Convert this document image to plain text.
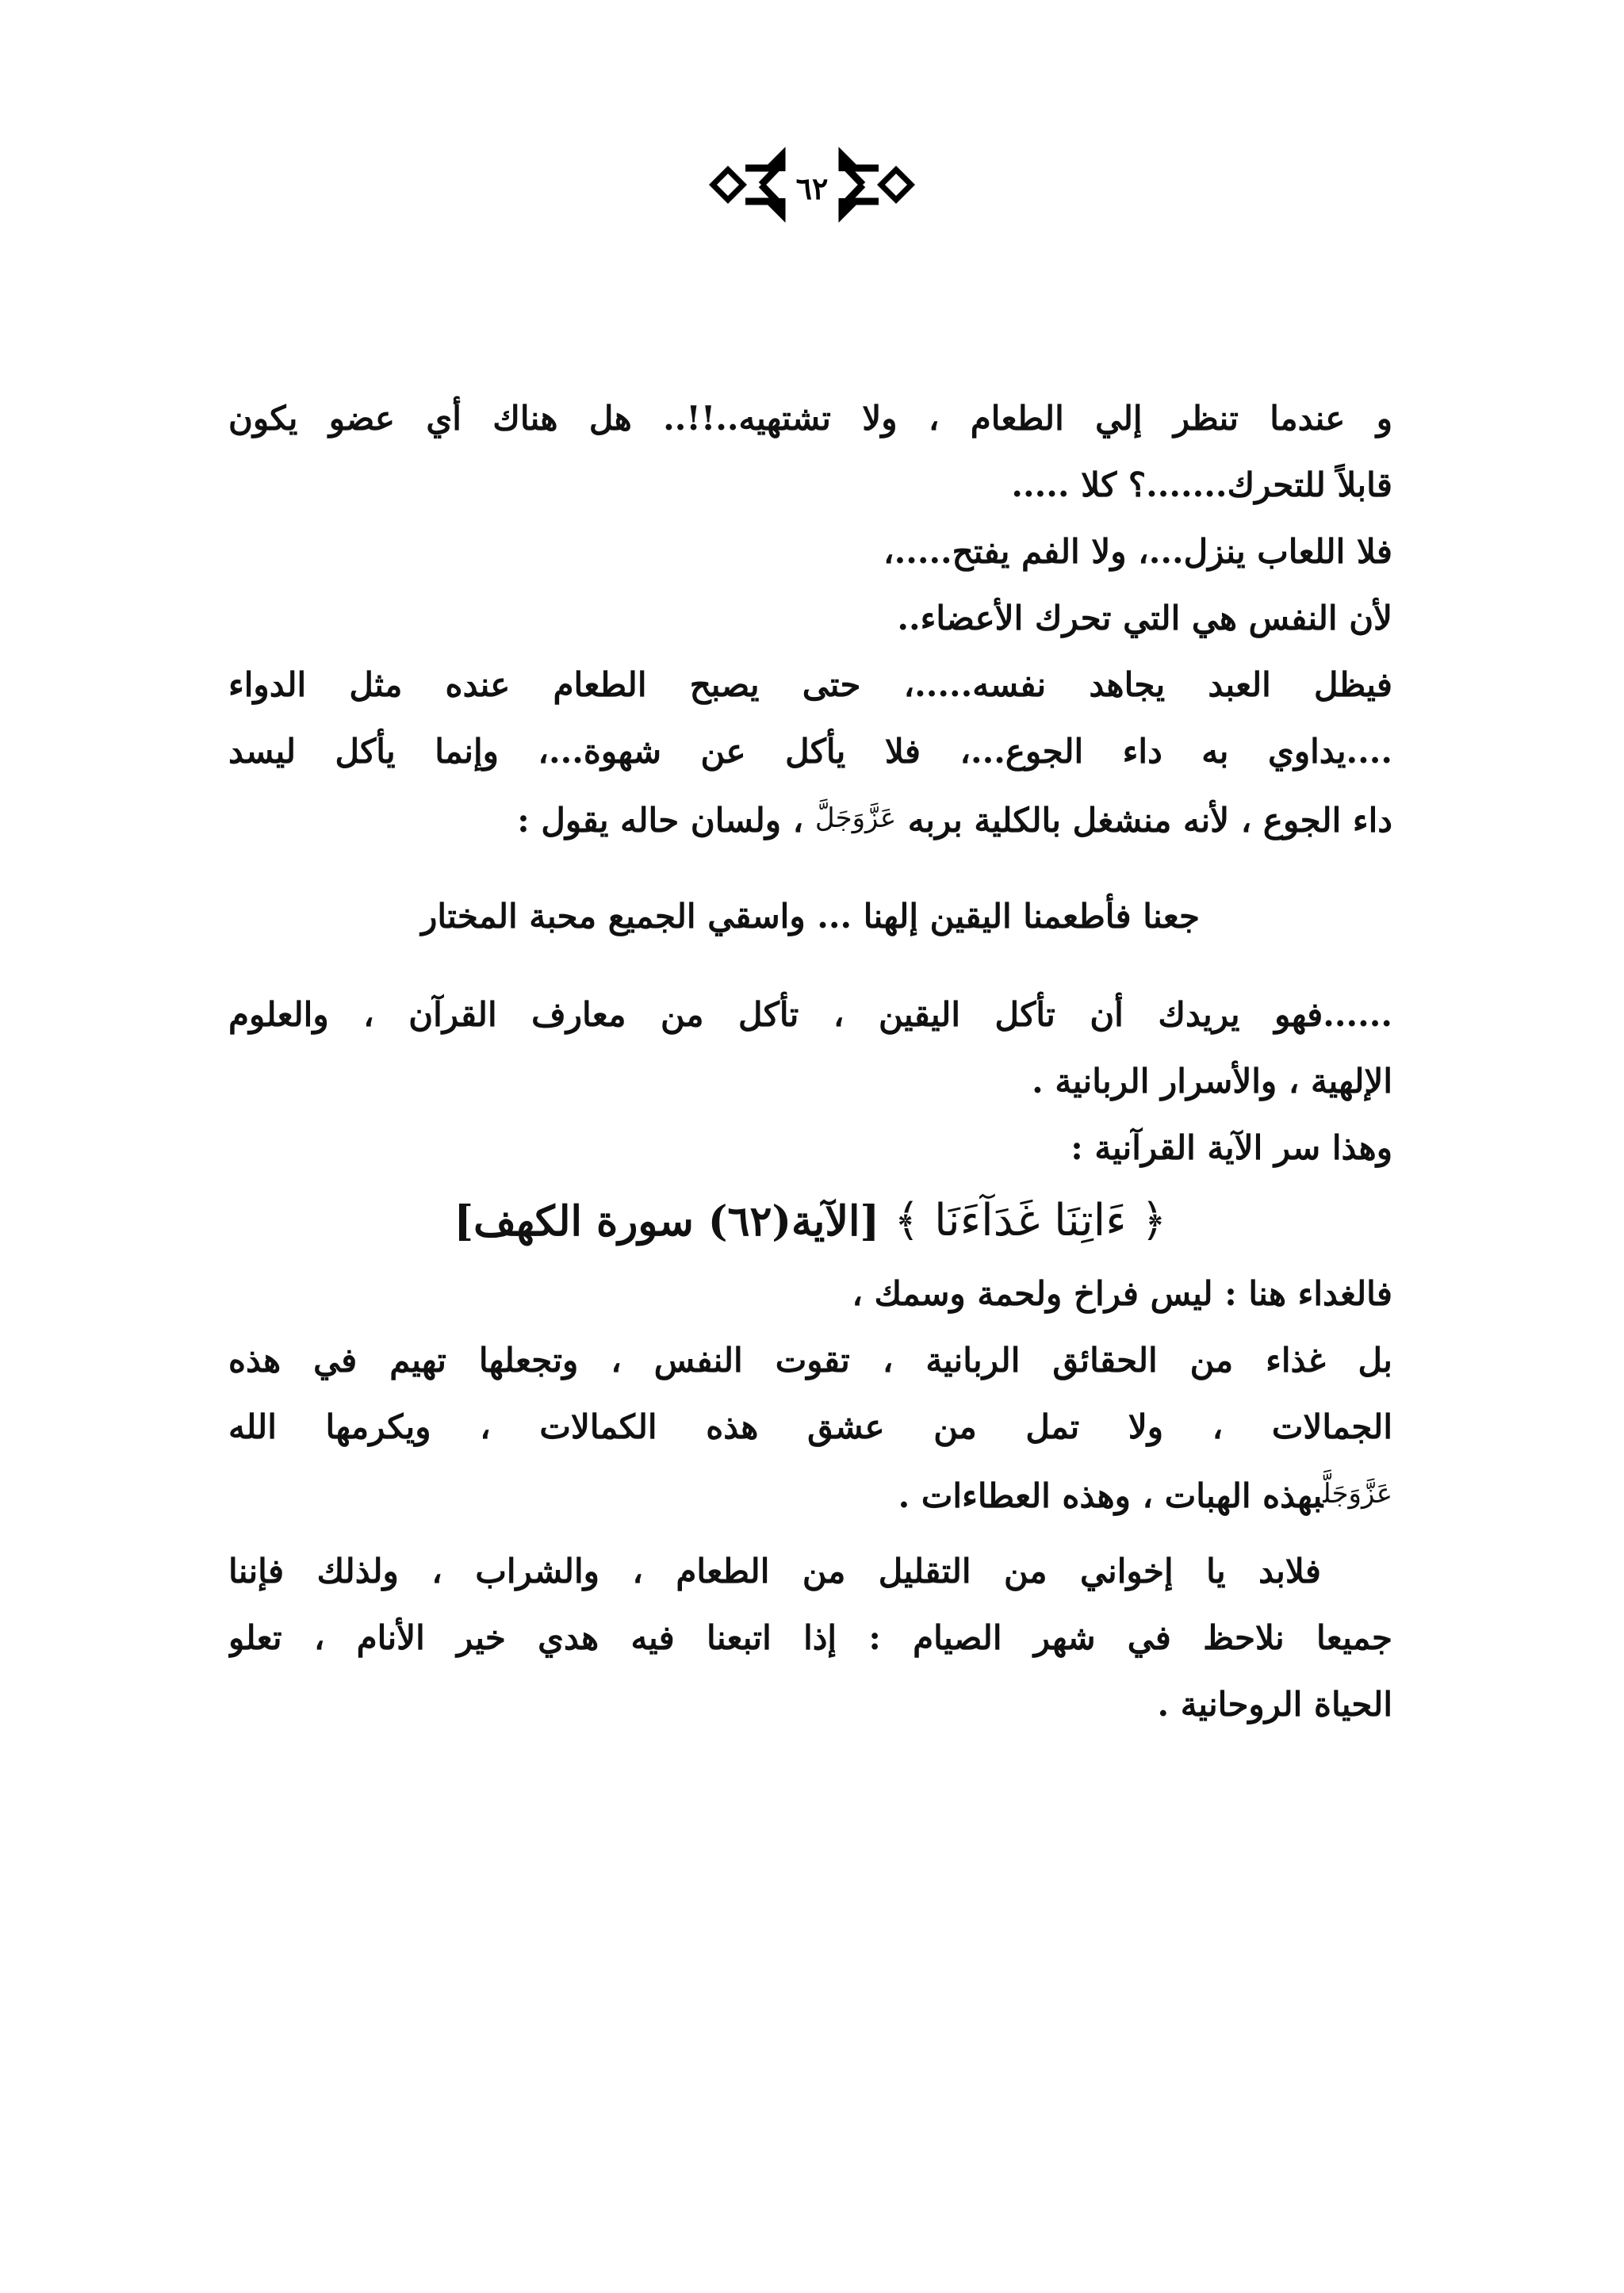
٦٢
و عندما تنظر إلي الطعام ، ولا تشتهيه..!!.. هل هناك أي عضو يكون
قابلاً للتحرك.......؟ كلا .....
فلا اللعاب ينزل...، ولا الفم يفتح.....،
لأن النفس هي التي تحرك الأعضاء..
فيظل العبد يجاهد نفسه.....، حتى يصبح الطعام عنده مثل الدواء
....يداوي به داء الجوع...، فلا يأكل عن شهوة...، وإنما يأكل ليسد
داء الجوع ، لأنه منشغل بالكلية بربه عَزَّوَجَلَّ ، ولسان حاله يقول :
جعنا فأطعمنا اليقين إلهنا ... واسقي الجميع محبة المختار
......فهو يريدك أن تأكل اليقين ، تأكل من معارف القرآن ، والعلوم
الإلهية ، والأسرار الربانية .
وهذا سر الآية القرآنية :
﴿ ءَاتِنَا غَدَآءَنَا ﴾ [الآية(٦٢) سورة الكهف]
فالغداء هنا : ليس فراخ ولحمة وسمك ،
بل غذاء من الحقائق الربانية ، تقوت النفس ، وتجعلها تهيم في هذه
الجمالات ، ولا تمل من عشق هذه الكمالات ، ويكرمها الله
عَزَّوَجَلَّبهذه الهبات ، وهذه العطاءات .
فلابد يا إخواني من التقليل من الطعام ، والشراب ، ولذلك فإننا
جميعا نلاحظ في شهر الصيام : إذا اتبعنا فيه هدي خير الأنام ، تعلو
الحياة الروحانية .
